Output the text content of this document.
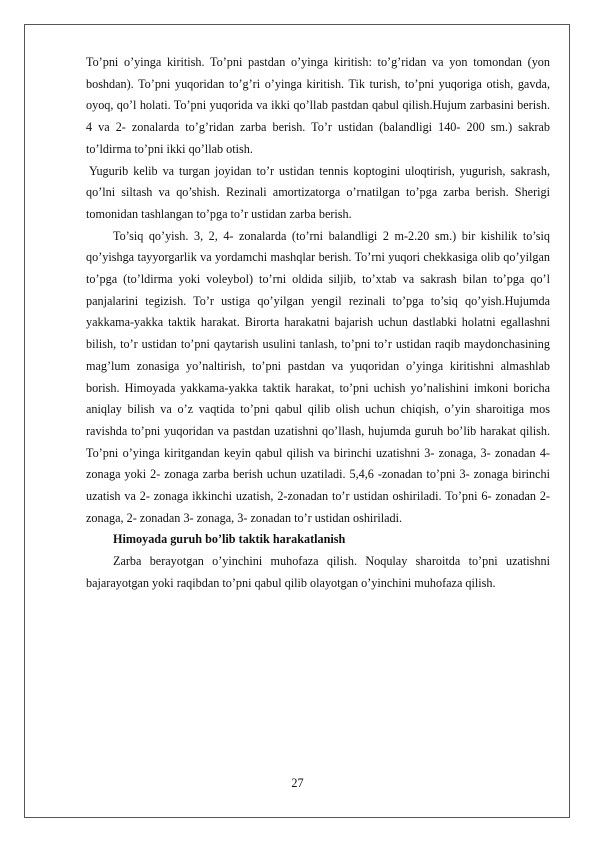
To’pni o’yinga kiritish. To’pni pastdan o’yinga kiritish: to’g’ridan va yon tomondan (yon boshdan). To’pni yuqoridan to’g’ri o’yinga kiritish. Tik turish, to’pni yuqoriga otish, gavda, oyoq, qo’l holati. To’pni yuqorida va ikki qo’llab pastdan qabul qilish.Hujum zarbasini berish. 4 va 2- zonalarda to’g’ridan zarba berish. To’r ustidan (balandligi 140- 200 sm.) sakrab to’ldirma to’pni ikki qo’llab otish.

Yugurib kelib va turgan joyidan to’r ustidan tennis koptogini uloqtirish, yugurish, sakrash, qo’lni siltash va qo’shish. Rezinali amortizatorga o’rnatilgan to’pga zarba berish. Sherigi tomonidan tashlangan to’pga to’r ustidan zarba berish.

To’siq qo’yish. 3, 2, 4- zonalarda (to’rni balandligi 2 m-2.20 sm.) bir kishilik to’siq qo’yishga tayyorgarlik va yordamchi mashqlar berish. To’rni yuqori chekkasiga olib qo’yilgan to’pga (to’ldirma yoki voleybol) to’rni oldida siljib, to’xtab va sakrash bilan to’pga qo’l panjalarini tegizish. To’r ustiga qo’yilgan yengil rezinali to’pga to’siq qo’yish.Hujumda yakkama-yakka taktik harakat. Birorta harakatni bajarish uchun dastlabki holatni egallashni bilish, to’r ustidan to’pni qaytarish usulini tanlash, to’pni to’r ustidan raqib maydonchasining mag’lum zonasiga yo’naltirish, to’pni pastdan va yuqoridan o’yinga kiritishni almashlab borish. Himoyada yakkama-yakka taktik harakat, to’pni uchish yo’nalishini imkoni boricha aniqlay bilish va o’z vaqtida to’pni qabul qilib olish uchun chiqish, o’yin sharoitiga mos ravishda to’pni yuqoridan va pastdan uzatishni qo’llash, hujumda guruh bo’lib harakat qilish. To’pni o’yinga kiritgandan keyin qabul qilish va birinchi uzatishni 3- zonaga, 3- zonadan 4- zonaga yoki 2- zonaga zarba berish uchun uzatiladi. 5,4,6 -zonadan to’pni 3- zonaga birinchi uzatish va 2- zonaga ikkinchi uzatish, 2-zonadan to’r ustidan oshiriladi. To’pni 6- zonadan 2- zonaga, 2- zonadan 3- zonaga, 3- zonadan to’r ustidan oshiriladi.

Himoyada guruh bo’lib taktik harakatlanish

Zarba berayotgan o’yinchini muhofaza qilish. Noqulay sharoitda to’pni uzatishni bajarayotgan yoki raqibdan to’pni qabul qilib olayotgan o’yinchini muhofaza qilish.

27
